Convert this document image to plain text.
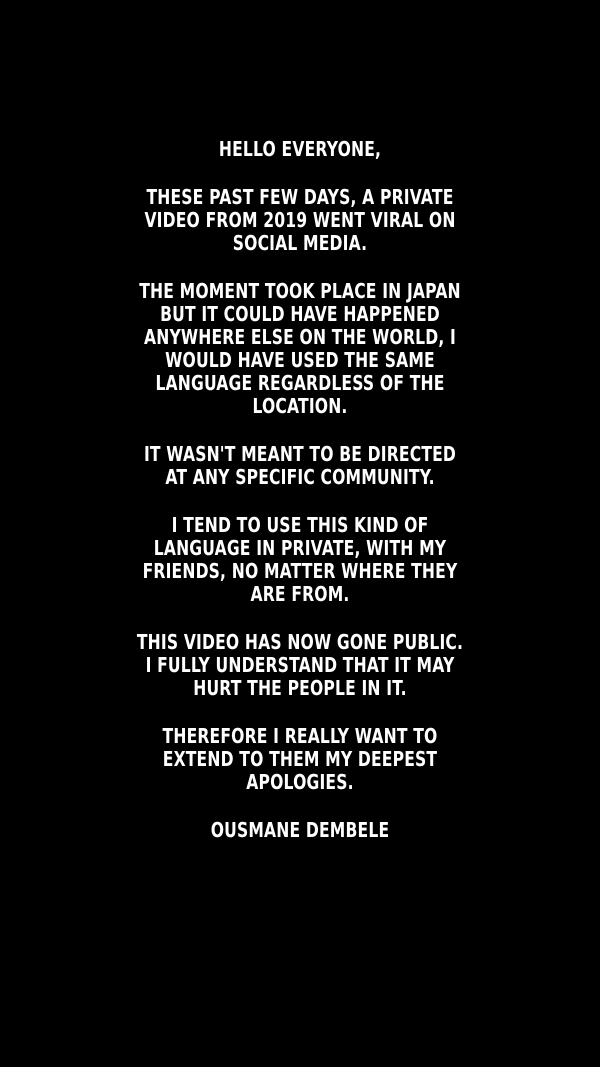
HELLO EVERYONE,

THESE PAST FEW DAYS, A PRIVATE
VIDEO FROM 2019 WENT VIRAL ON
SOCIAL MEDIA.

THE MOMENT TOOK PLACE IN JAPAN
BUT IT COULD HAVE HAPPENED
ANYWHERE ELSE ON THE WORLD, I
WOULD HAVE USED THE SAME
LANGUAGE REGARDLESS OF THE
LOCATION.

IT WASN'T MEANT TO BE DIRECTED
AT ANY SPECIFIC COMMUNITY.

I TEND TO USE THIS KIND OF
LANGUAGE IN PRIVATE, WITH MY
FRIENDS, NO MATTER WHERE THEY
ARE FROM.

THIS VIDEO HAS NOW GONE PUBLIC.
I FULLY UNDERSTAND THAT IT MAY
HURT THE PEOPLE IN IT.

THEREFORE I REALLY WANT TO
EXTEND TO THEM MY DEEPEST
APOLOGIES.

OUSMANE DEMBELE
